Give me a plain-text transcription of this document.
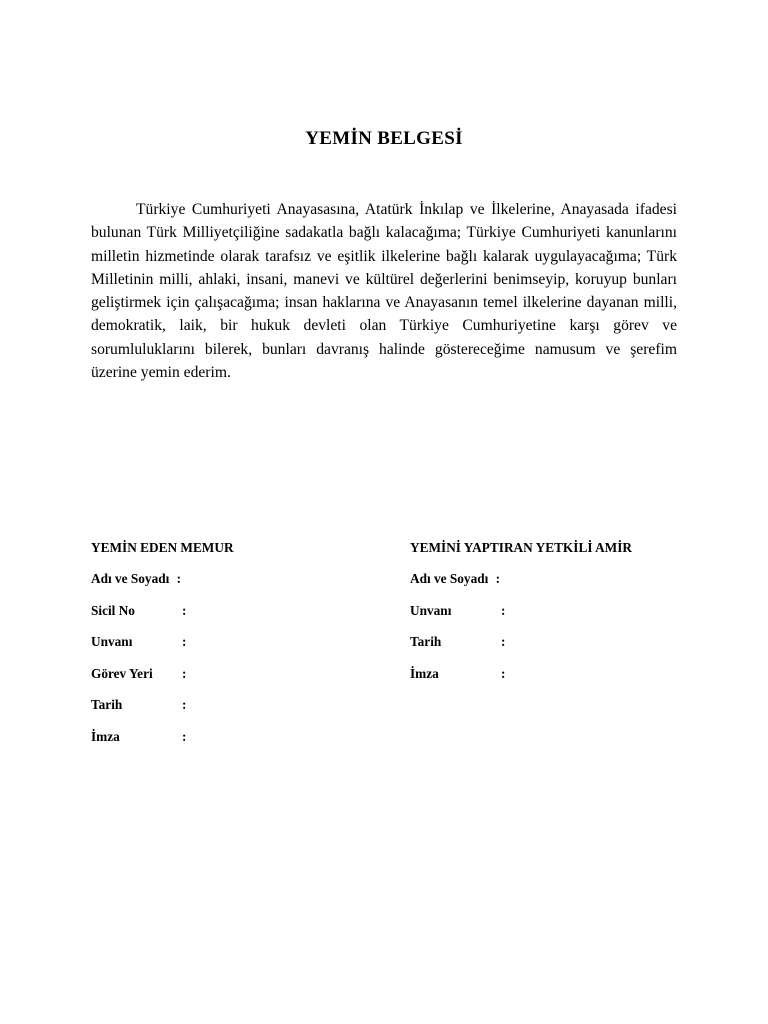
YEMİN BELGESİ

Türkiye Cumhuriyeti Anayasasına, Atatürk İnkılap ve İlkelerine, Anayasada ifadesi bulunan Türk Milliyetçiliğine sadakatla bağlı kalacağıma; Türkiye Cumhuriyeti kanunlarını milletin hizmetinde olarak tarafsız ve eşitlik ilkelerine bağlı kalarak uygulayacağıma; Türk Milletinin milli, ahlaki, insani, manevi ve kültürel değerlerini benimseyip, koruyup bunları geliştirmek için çalışacağıma; insan haklarına ve Anayasanın temel ilkelerine dayanan milli, demokratik, laik, bir hukuk devleti olan Türkiye Cumhuriyetine karşı görev ve sorumluluklarını bilerek, bunları davranış halinde göstereceğime namusum ve şerefim üzerine yemin ederim.

YEMİN EDEN MEMUR
Adı ve Soyadı :
Sicil No	:
Unvanı	:
Görev Yeri :
Tarih	:
İmza	:
YEMİNİ YAPTIRAN YETKİLİ AMİR
Adı ve Soyadı :
Unvanı	:
Tarih	:
İmza	:
